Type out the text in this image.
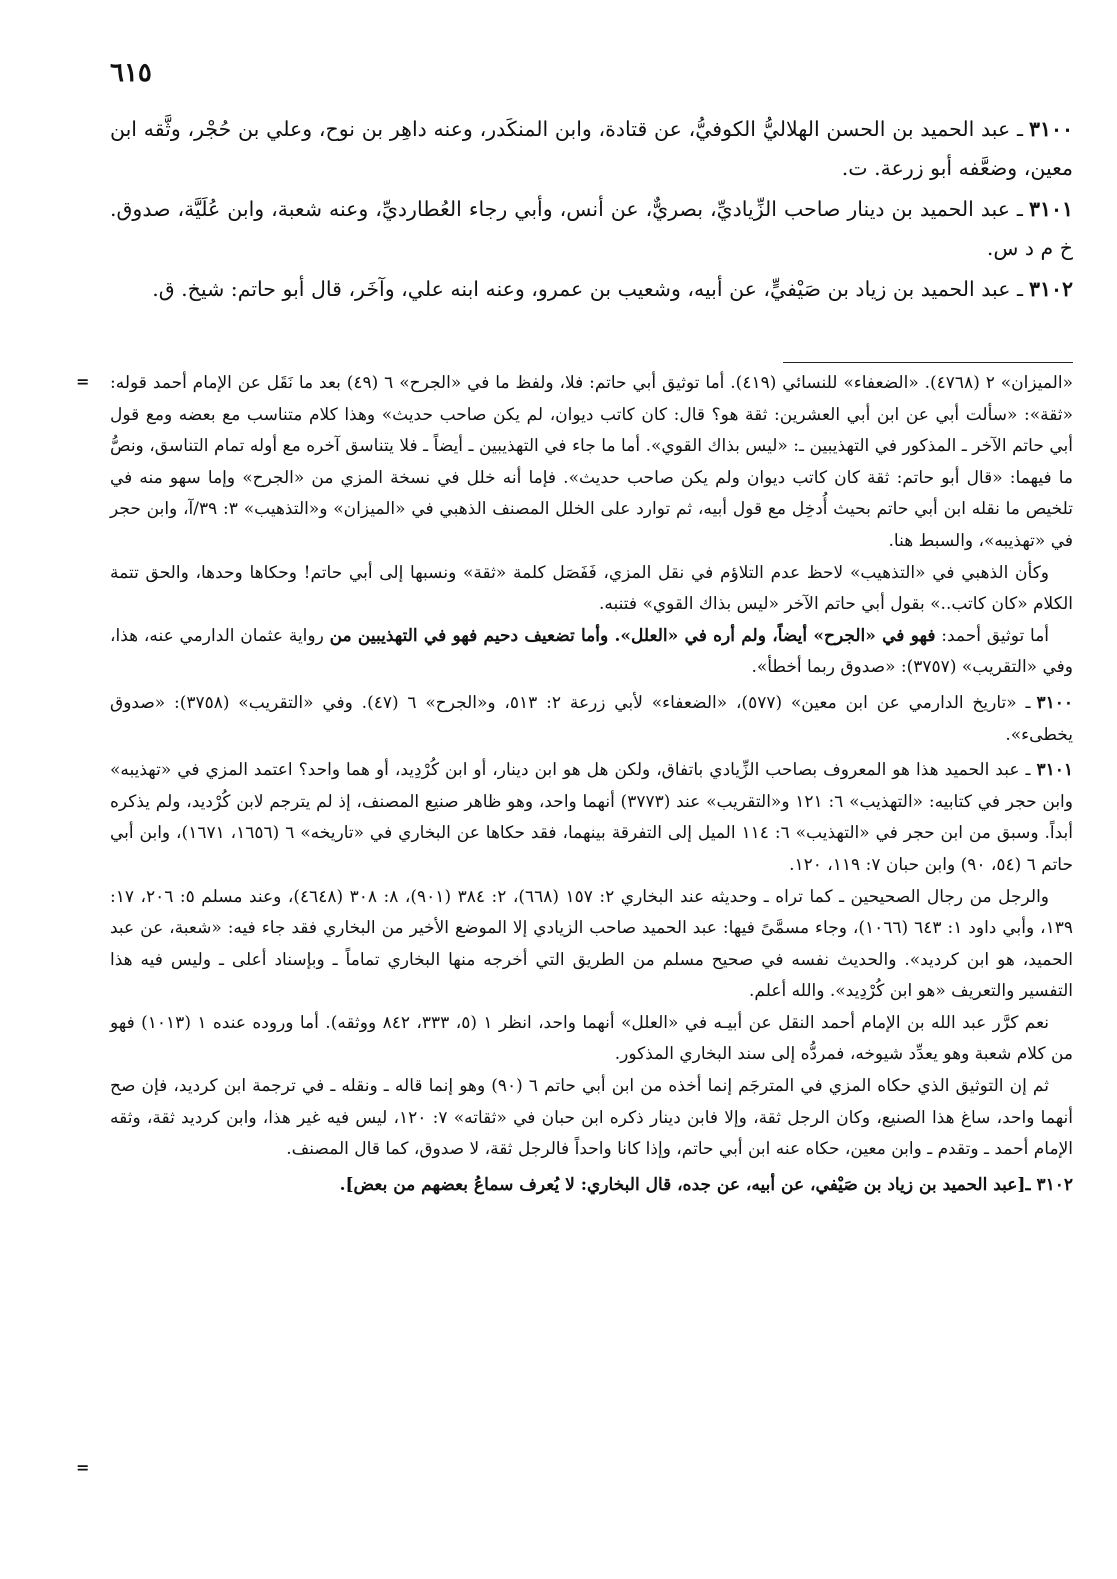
٦١٥

٣١٠٠ـ عبد الحميد بن الحسن الهلاليُّ الكوفيُّ، عن قتادة، وابن المنكَدر، وعنه داهِر بن نوح، وعلي بن حُجْر، وثَّقه ابن معين، وضعَّفه أبو زرعة. ت.

٣١٠١ـ عبد الحميد بن دينار صاحب الزِّياديِّ، بصريٌّ، عن أنس، وأبي رجاء العُطارديِّ، وعنه شعبة، وابن عُلَيَّة، صدوق. خ م د س.

٣١٠٢ـ عبد الحميد بن زياد بن صَيْفيٍّ، عن أبيه، وشعيب بن عمرو، وعنه ابنه علي، وآخَر، قال أبو حاتم: شيخ. ق.

=
=

«الميزان» ٢ (٤٧٦٨). «الضعفاء» للنسائي (٤١٩). أما توثيق أبي حاتم: فلا، ولفظ ما في «الجرح» ٦ (٤٩) بعد ما نَقَل عن الإمام أحمد قوله: «ثقة»: «سألت أبي عن ابن أبي العشرين: ثقة هو؟ قال: كان كاتب ديوان، لم يكن صاحب حديث» وهذا كلام متناسب مع بعضه ومع قول أبي حاتم الآخر ـ المذكور في التهذيبين ـ: «ليس بذاك القوي». أما ما جاء في التهذيبين ـ أيضاً ـ فلا يتناسق آخره مع أوله تمام التناسق، ونصُّ ما فيهما: «قال أبو حاتم: ثقة كان كاتب ديوان ولم يكن صاحب حديث». فإما أنه خلل في نسخة المزي من «الجرح» وإما سهو منه في تلخيص ما نقله ابن أبي حاتم بحيث أُدخِل مع قول أبيه، ثم توارد على الخلل المصنف الذهبي في «الميزان» و«التذهيب» ٣: ٣٩/آ، وابن حجر في «تهذيبه»، والسبط هنا.

وكأن الذهبي في «التذهيب» لاحظ عدم التلاؤم في نقل المزي، فَفَصَل كلمة «ثقة» ونسبها إلى أبي حاتم! وحكاها وحدها، والحق تتمة الكلام «كان كاتب..» بقول أبي حاتم الآخر «ليس بذاك القوي» فتنبه.

أما توثيق أحمد: فهو في «الجرح» أيضاً، ولم أره في «العلل». وأما تضعيف دحيم فهو في التهذيبين من رواية عثمان الدارمي عنه، هذا، وفي «التقريب» (٣٧٥٧): «صدوق ربما أخطأ».

٣١٠٠ـ «تاريخ الدارمي عن ابن معين» (٥٧٧)، «الضعفاء» لأبي زرعة ٢: ٥١٣، و«الجرح» ٦ (٤٧). وفي «التقريب» (٣٧٥٨): «صدوق يخطىء».

٣١٠١ـ عبد الحميد هذا هو المعروف بصاحب الزِّيادي باتفاق، ولكن هل هو ابن دينار، أو ابن كُرْدِيد، أو هما واحد؟ اعتمد المزي في «تهذيبه» وابن حجر في كتابيه: «التهذيب» ٦: ١٢١ و«التقريب» عند (٣٧٧٣) أنهما واحد، وهو ظاهر صنيع المصنف، إذ لم يترجم لابن كُرْديد، ولم يذكره أبداً. وسبق من ابن حجر في «التهذيب» ٦: ١١٤ الميل إلى التفرقة بينهما، فقد حكاها عن البخاري في «تاريخه» ٦ (١٦٥٦، ١٦٧١)، وابن أبي حاتم ٦ (٥٤، ٩٠) وابن حبان ٧: ١١٩، ١٢٠.

والرجل من رجال الصحيحين ـ كما تراه ـ وحديثه عند البخاري ٢: ١٥٧ (٦٦٨)، ٢: ٣٨٤ (٩٠١)، ٨: ٣٠٨ (٤٦٤٨)، وعند مسلم ٥: ٢٠٦، ١٧: ١٣٩، وأبي داود ١: ٦٤٣ (١٠٦٦)، وجاء مسمَّىً فيها: عبد الحميد صاحب الزيادي إلا الموضع الأخير من البخاري فقد جاء فيه: «شعبة، عن عبد الحميد، هو ابن كرديد». والحديث نفسه في صحيح مسلم من الطريق التي أخرجه منها البخاري تماماً ـ وبإسناد أعلى ـ وليس فيه هذا التفسير والتعريف «هو ابن كُرْدِيد». والله أعلم.

نعم كرَّر عبد الله بن الإمام أحمد النقل عن أبيـه في «العلل» أنهما واحد، انظر ١ (٥، ٣٣٣، ٨٤٢ ووثقه). أما وروده عنده ١ (١٠١٣) فهو من كلام شعبة وهو يعدِّد شيوخه، فمردُّه إلى سند البخاري المذكور.

ثم إن التوثيق الذي حكاه المزي في المترجَم إنما أخذه من ابن أبي حاتم ٦ (٩٠) وهو إنما قاله ـ ونقله ـ في ترجمة ابن كرديد، فإن صح أنهما واحد، ساغ هذا الصنيع، وكان الرجل ثقة، وإلا فابن دينار ذكره ابن حبان في «ثقاته» ٧: ١٢٠، ليس فيه غير هذا، وابن كرديد ثقة، وثقه الإمام أحمد ـ وتقدم ـ وابن معين، حكاه عنه ابن أبي حاتم، وإذا كانا واحداً فالرجل ثقة، لا صدوق، كما قال المصنف.

٣١٠٢ـ[عبد الحميد بن زياد بن صَيْفي، عن أبيه، عن جده، قال البخاري: لا يُعرف سماعُ بعضهم من بعض].
